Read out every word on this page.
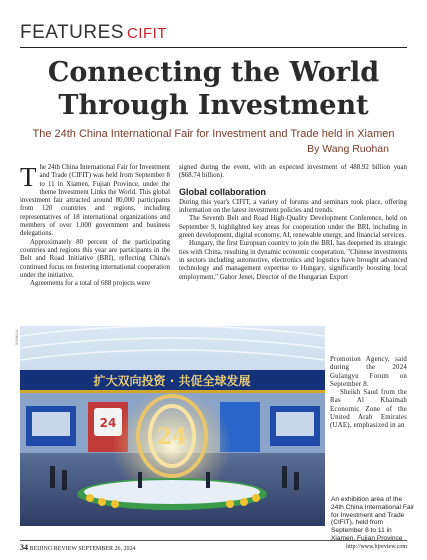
FEATURES CIFIT
Connecting the World
Through Investment
The 24th China International Fair for Investment and Trade held in Xiamen
By Wang Ruohan

The 24th China International Fair for Investment and Trade (CIFIT) was held from September 8 to 11 in Xiamen, Fujian Province, under the theme Investment Links the World. This global investment fair attracted around 80,000 participants from 120 countries and regions, including representatives of 18 international organizations and members of over 1,000 government and business delegations.

Approximately 80 percent of the participating countries and regions this year are participants in the Belt and Road Initiative (BRI), reflecting China's continued focus on fostering international cooperation under the initiative.

Agreements for a total of 688 projects were

signed during the event, with an expected investment of 488.92 billion yuan ($68.74 billion).

Global collaboration

During this year's CIFIT, a variety of forums and seminars took place, offering information on the latest investment policies and trends.

The Seventh Belt and Road High-Quality Development Conference, held on September 9, highlighted key areas for cooperation under the BRI, including in green development, digital economy, AI, renewable energy, and financial services.

Hungary, the first European country to join the BRI, has deepened its strategic ties with China, resulting in dynamic economic cooperation. "Chinese investments in sectors including automotive, electronics and logistics have brought advanced technology and management expertise to Hungary, significantly boosting local employment," Gabor Jenei, Director of the Hungarian Export

Promotion Agency, said during the 2024 Gulangyu Forum on September 8.

Sheikh Saud from the Ras Al Khaimah Economic Zone of the United Arab Emirates (UAE), emphasized in an

XINHUA
扩大双向投资 · 共促全球发展
24
24
An exhibition area of the 24th China International Fair for Investment and Trade (CIFIT), held from September 8 to 11 in Xiamen, Fujian Province
34 BEIJING REVIEW SEPTEMBER 26, 2024	http://www.bjreview.com
